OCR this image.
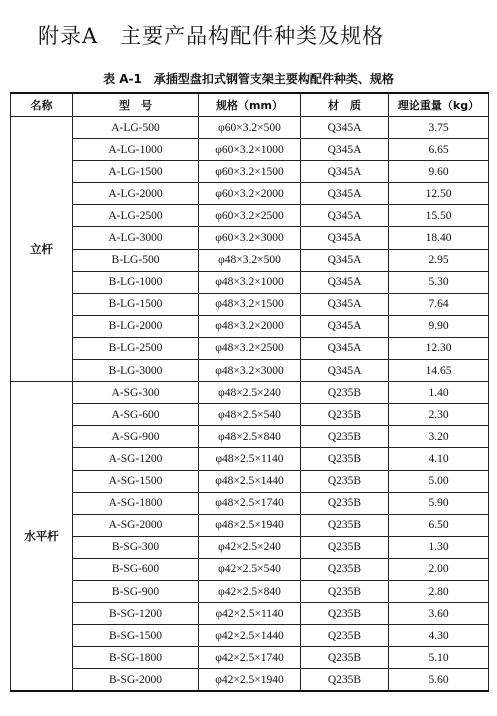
附录A　主要产品构配件种类及规格
表 A-1　承插型盘扣式钢管支架主要构配件种类、规格
名称	型　号	规格（mm）	材　质	理论重量（kg）
立杆	A-LG-500	φ60×3.2×500	Q345A	3.75
	A-LG-1000	φ60×3.2×1000	Q345A	6.65
	A-LG-1500	φ60×3.2×1500	Q345A	9.60
	A-LG-2000	φ60×3.2×2000	Q345A	12.50
	A-LG-2500	φ60×3.2×2500	Q345A	15.50
	A-LG-3000	φ60×3.2×3000	Q345A	18.40
	B-LG-500	φ48×3.2×500	Q345A	2.95
	B-LG-1000	φ48×3.2×1000	Q345A	5.30
	B-LG-1500	φ48×3.2×1500	Q345A	7.64
	B-LG-2000	φ48×3.2×2000	Q345A	9.90
	B-LG-2500	φ48×3.2×2500	Q345A	12.30
	B-LG-3000	φ48×3.2×3000	Q345A	14.65
水平杆	A-SG-300	φ48×2.5×240	Q235B	1.40
	A-SG-600	φ48×2.5×540	Q235B	2.30
	A-SG-900	φ48×2.5×840	Q235B	3.20
	A-SG-1200	φ48×2.5×1140	Q235B	4.10
	A-SG-1500	φ48×2.5×1440	Q235B	5.00
	A-SG-1800	φ48×2.5×1740	Q235B	5.90
	A-SG-2000	φ48×2.5×1940	Q235B	6.50
	B-SG-300	φ42×2.5×240	Q235B	1.30
	B-SG-600	φ42×2.5×540	Q235B	2.00
	B-SG-900	φ42×2.5×840	Q235B	2.80
	B-SG-1200	φ42×2.5×1140	Q235B	3.60
	B-SG-1500	φ42×2.5×1440	Q235B	4.30
	B-SG-1800	φ42×2.5×1740	Q235B	5.10
	B-SG-2000	φ42×2.5×1940	Q235B	5.60
